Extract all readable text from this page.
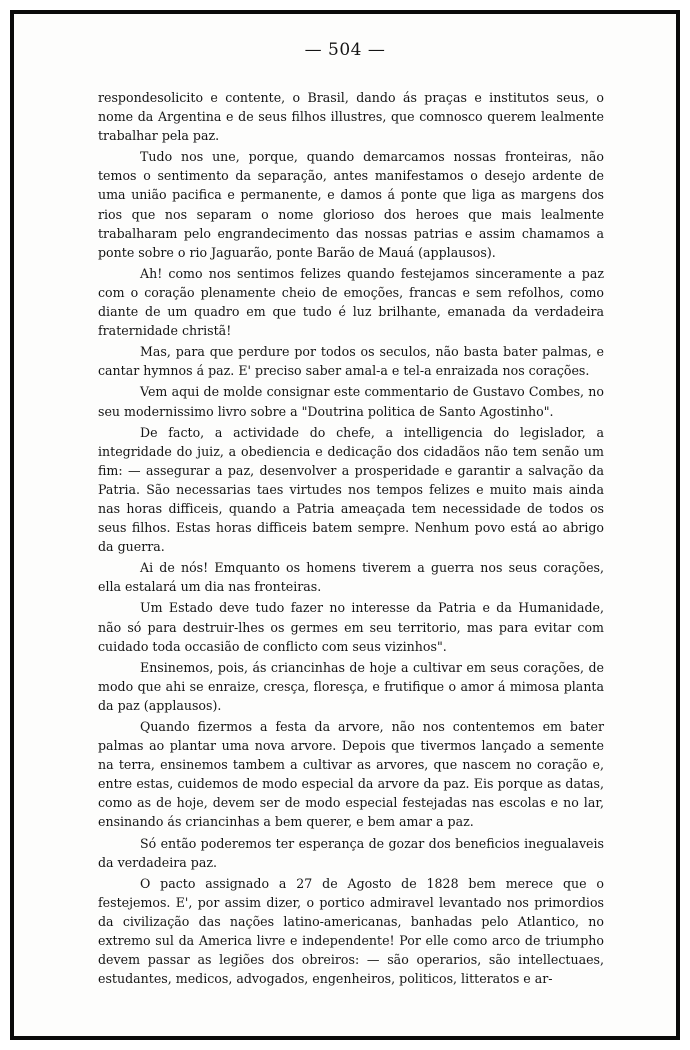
— 504 —

respondesolicito e contente, o Brasil, dando ás praças e institutos seus, o nome da Argentina e de seus filhos illustres, que comnosco querem lealmente trabalhar pela paz.

Tudo nos une, porque, quando demarcamos nossas fronteiras, não temos o sentimento da separação, antes manifestamos o desejo ardente de uma união pacifica e permanente, e damos á ponte que liga as margens dos rios que nos separam o nome glorioso dos heroes que mais lealmente trabalharam pelo engrandecimento das nossas patrias e assim chamamos a ponte sobre o rio Jaguarão, ponte Barão de Mauá (applausos).

Ah! como nos sentimos felizes quando festejamos sinceramente a paz com o coração plenamente cheio de emoções, francas e sem refolhos, como diante de um quadro em que tudo é luz brilhante, emanada da verdadeira fraternidade christã!

Mas, para que perdure por todos os seculos, não basta bater palmas, e cantar hymnos á paz. E' preciso saber amal-a e tel-a enraizada nos corações.

Vem aqui de molde consignar este commentario de Gustavo Combes, no seu modernissimo livro sobre a "Doutrina politica de Santo Agostinho".

De facto, a actividade do chefe, a intelligencia do legislador, a integridade do juiz, a obediencia e dedicação dos cidadãos não tem senão um fim: — assegurar a paz, desenvolver a prosperidade e garantir a salvação da Patria. São necessarias taes virtudes nos tempos felizes e muito mais ainda nas horas difficeis, quando a Patria ameaçada tem necessidade de todos os seus filhos. Estas horas difficeis batem sempre. Nenhum povo está ao abrigo da guerra.

Ai de nós! Emquanto os homens tiverem a guerra nos seus corações, ella estalará um dia nas fronteiras.

Um Estado deve tudo fazer no interesse da Patria e da Humanidade, não só para destruir-lhes os germes em seu territorio, mas para evitar com cuidado toda occasião de conflicto com seus vizinhos".

Ensinemos, pois, ás criancinhas de hoje a cultivar em seus corações, de modo que ahi se enraize, cresça, floresça, e frutifique o amor á mimosa planta da paz (applausos).

Quando fizermos a festa da arvore, não nos contentemos em bater palmas ao plantar uma nova arvore. Depois que tivermos lançado a semente na terra, ensinemos tambem a cultivar as arvores, que nascem no coração e, entre estas, cuidemos de modo especial da arvore da paz. Eis porque as datas, como as de hoje, devem ser de modo especial festejadas nas escolas e no lar, ensinando ás criancinhas a bem querer, e bem amar a paz.

Só então poderemos ter esperança de gozar dos beneficios inegualaveis da verdadeira paz.

O pacto assignado a 27 de Agosto de 1828 bem merece que o festejemos. E', por assim dizer, o portico admiravel levantado nos primordios da civilização das nações latino-americanas, banhadas pelo Atlantico, no extremo sul da America livre e independente! Por elle como arco de triumpho devem passar as legiões dos obreiros: — são operarios, são intellectuaes, estudantes, medicos, advogados, engenheiros, politicos, litteratos e ar-
